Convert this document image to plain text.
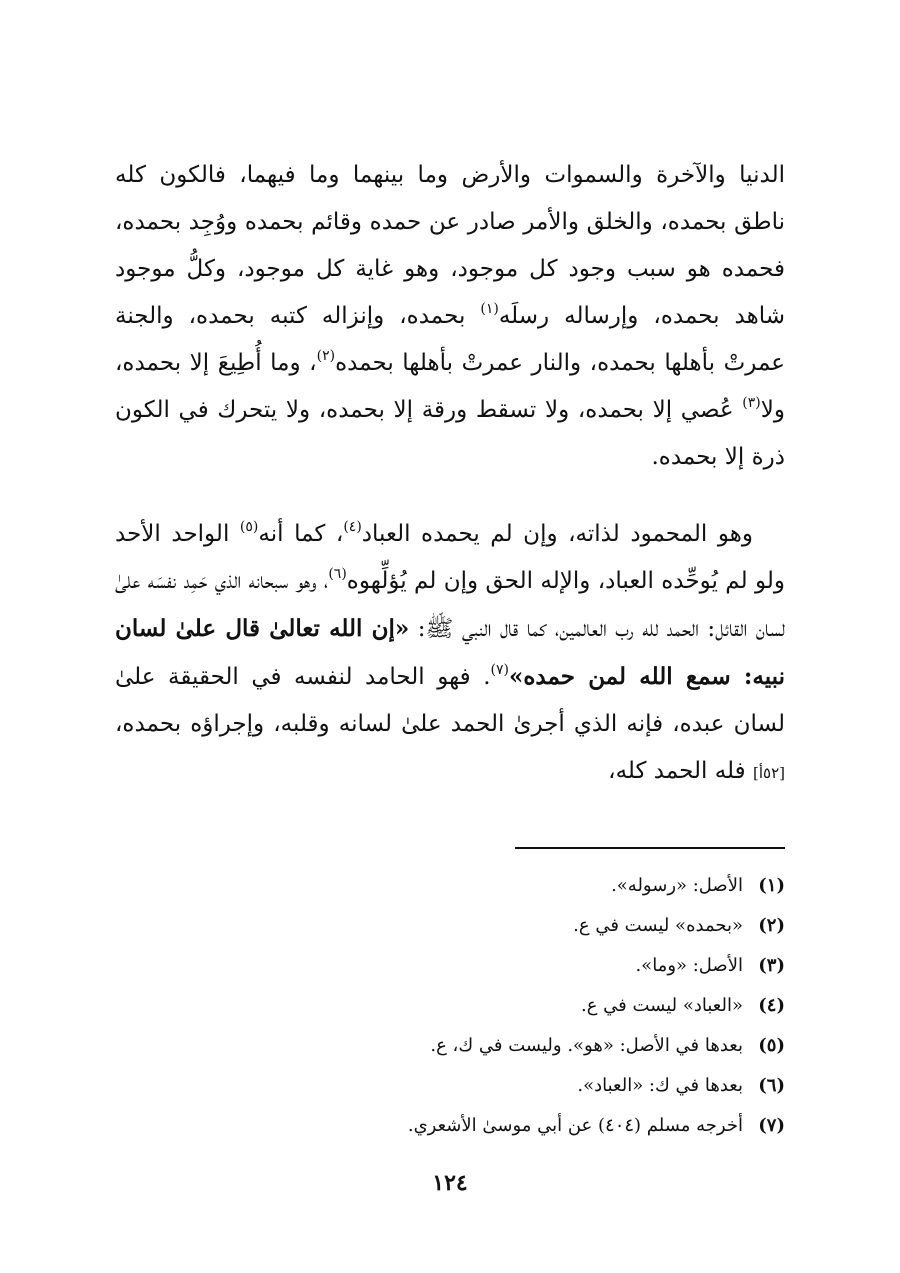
الدنيا والآخرة والسموات والأرض وما بينهما وما فيهما، فالكون كله ناطق بحمده، والخلق والأمر صادر عن حمده وقائم بحمده ووُجِد بحمده، فحمده هو سبب وجود كل موجود، وهو غاية كل موجود، وكلُّ موجود شاهد بحمده، وإرساله رسلَه$^{(١)}$ بحمده، وإنزاله كتبه بحمده، والجنة عمرتْ بأهلها بحمده، والنار عمرتْ بأهلها بحمده$^{(٢)}$، وما أُطِيعَ إلا بحمده، ولا$^{(٣)}$ عُصي إلا بحمده، ولا تسقط ورقة إلا بحمده، ولا يتحرك في الكون ذرة إلا بحمده.

وهو المحمود لذاته، وإن لم يحمده العباد$^{(٤)}$، كما أنه$^{(٥)}$ الواحد الأحد ولو لم يُوحِّده العباد، والإله الحق وإن لم يُؤلِّهوه$^{(٦)}$، وهو سبحانه الذي حَمِد نفسَه علىٰ لسان القائل: الحمد لله رب العالمين، كما قال النبي ﷺ: «إن الله تعالىٰ قال علىٰ لسان نبيه: سمع الله لمن حمده»$^{(٧)}$. فهو الحامد لنفسه في الحقيقة علىٰ لسان عبده، فإنه الذي أجرىٰ الحمد علىٰ لسانه وقلبه، وإجراؤه بحمده، [٥٢أ] فله الحمد كله،

(١)
الأصل: «رسوله».
(٢)
«بحمده» ليست في ع.
(٣)
الأصل: «وما».
(٤)
«العباد» ليست في ع.
(٥)
بعدها في الأصل: «هو». وليست في ك، ع.
(٦)
بعدها في ك: «العباد».
(٧)
أخرجه مسلم (٤٠٤) عن أبي موسىٰ الأشعري.
١٢٤
